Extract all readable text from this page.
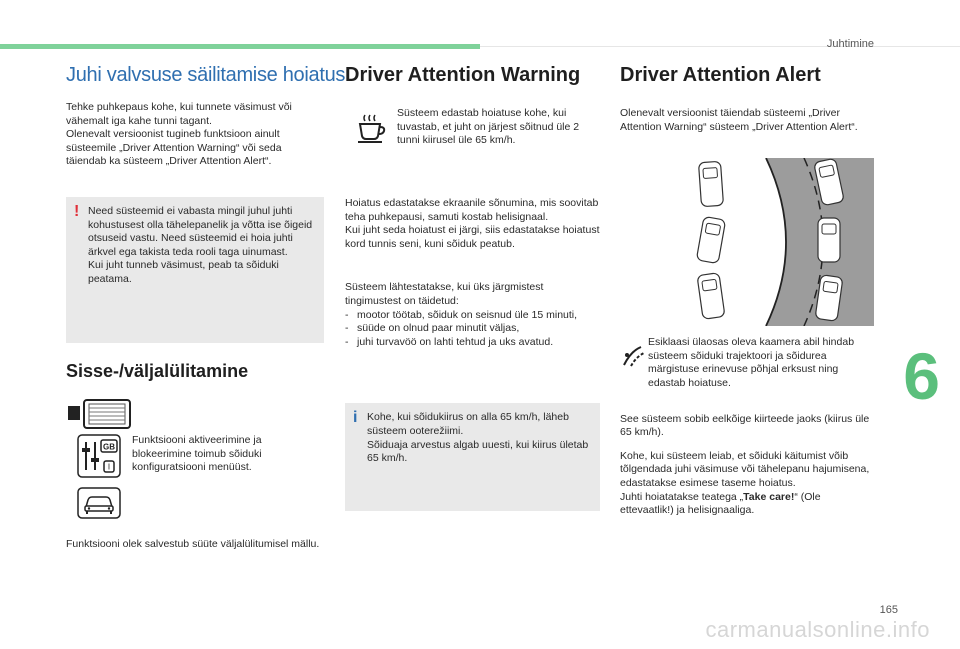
Juhtimine
6
165
carmanualsonline.info
Juhi valvsuse säilitamise hoiatus

Tehke puhkepaus kohe, kui tunnete väsimust või vähemalt iga kahe tunni tagant.

Olenevalt versioonist tugineb funktsioon ainult süsteemile „Driver Attention Warning“ või seda täiendab ka süsteem „Driver Attention Alert“.

! Need süsteemid ei vabasta mingil juhul juhti kohustusest olla tähelepanelik ja võtta ise õigeid otsuseid vastu. Need süsteemid ei hoia juhti ärkvel ega takista teda rooli taga uinumast.

Kui juht tunneb väsimust, peab ta sõiduki peatama.

Sisse-/väljalülitamine
GB
I

Funktsiooni aktiveerimine ja blokeerimine toimub sõiduki konfiguratsiooni menüüst.

Funktsiooni olek salvestub süüte väljalülitumisel mällu.

Driver Attention Warning

Süsteem edastab hoiatuse kohe, kui tuvastab, et juht on järjest sõitnud üle 2 tunni kiirusel üle 65 km/h.

Hoiatus edastatakse ekraanile sõnumina, mis soovitab teha puhkepausi, samuti kostab helisignaal.

Kui juht seda hoiatust ei järgi, siis edastatakse hoiatust kord tunnis seni, kuni sõiduk peatub.

Süsteem lähtestatakse, kui üks järgmistest tingimustest on täidetud:

- mootor töötab, sõiduk on seisnud üle 15 minuti,
- süüde on olnud paar minutit väljas,
- juhi turvavöö on lahti tehtud ja uks avatud.
i Kohe, kui sõidukiirus on alla 65 km/h, läheb süsteem ooterežiimi.

Sõiduaja arvestus algab uuesti, kui kiirus ületab 65 km/h.

Driver Attention Alert

Olenevalt versioonist täiendab süsteemi „Driver Attention Warning“ süsteem „Driver Attention Alert“.

Esiklaasi ülaosas oleva kaamera abil hindab süsteem sõiduki trajektoori ja sõidurea märgistuse erinevuse põhjal erksust ning edastab hoiatuse.

See süsteem sobib eelkõige kiirteede jaoks (kiirus üle 65 km/h).

Kohe, kui süsteem leiab, et sõiduki käitumist võib tõlgendada juhi väsimuse või tähelepanu hajumisena, edastatakse esimese taseme hoiatus.

Juhti hoiatatakse teatega „Take care!“ (Ole ettevaatlik!) ja helisignaaliga.
